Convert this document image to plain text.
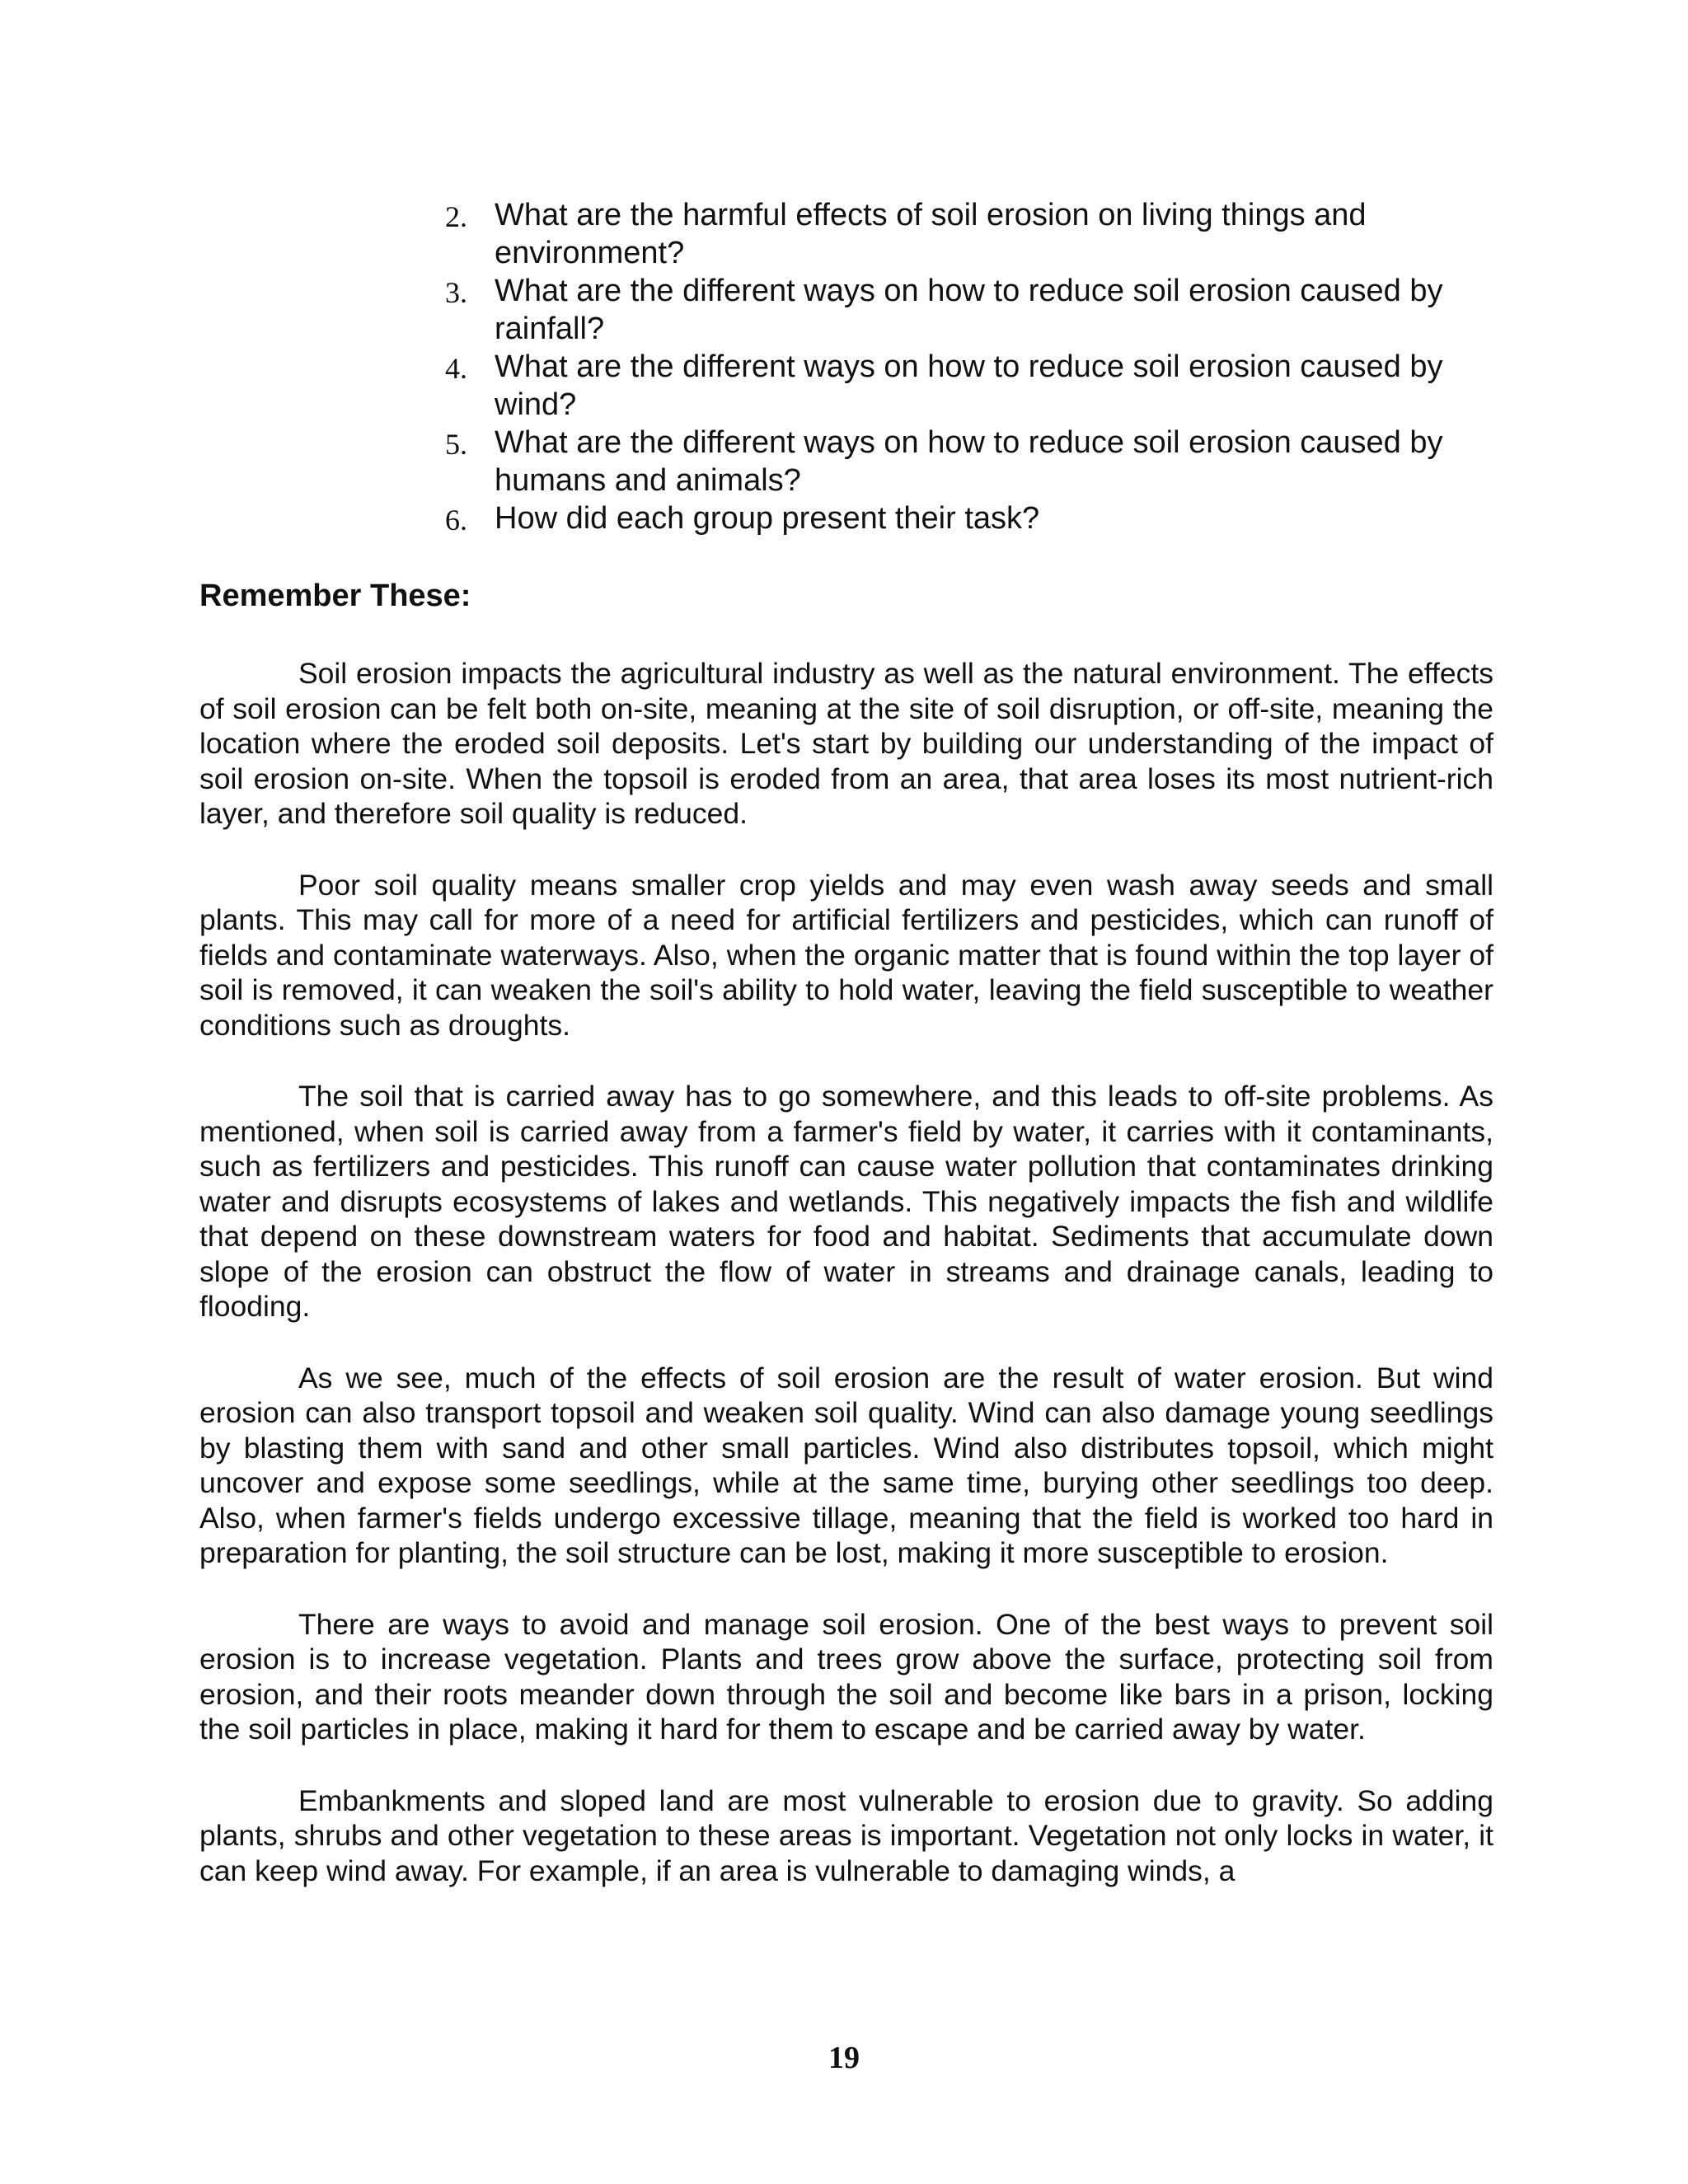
2. What are the harmful effects of soil erosion on living things and environment?
3. What are the different ways on how to reduce soil erosion caused by rainfall?
4. What are the different ways on how to reduce soil erosion caused by wind?
5. What are the different ways on how to reduce soil erosion caused by humans and animals?
6. How did each group present their task?
Remember These:

Soil erosion impacts the agricultural industry as well as the natural environment. The effects of soil erosion can be felt both on-site, meaning at the site of soil disruption, or off-site, meaning the location where the eroded soil deposits. Let's start by building our understanding of the impact of soil erosion on-site. When the topsoil is eroded from an area, that area loses its most nutrient-rich layer, and therefore soil quality is reduced.

Poor soil quality means smaller crop yields and may even wash away seeds and small plants. This may call for more of a need for artificial fertilizers and pesticides, which can runoff of fields and contaminate waterways. Also, when the organic matter that is found within the top layer of soil is removed, it can weaken the soil's ability to hold water, leaving the field susceptible to weather conditions such as droughts.

The soil that is carried away has to go somewhere, and this leads to off-site problems. As mentioned, when soil is carried away from a farmer's field by water, it carries with it contaminants, such as fertilizers and pesticides. This runoff can cause water pollution that contaminates drinking water and disrupts ecosystems of lakes and wetlands. This negatively impacts the fish and wildlife that depend on these downstream waters for food and habitat. Sediments that accumulate down slope of the erosion can obstruct the flow of water in streams and drainage canals, leading to flooding.

As we see, much of the effects of soil erosion are the result of water erosion. But wind erosion can also transport topsoil and weaken soil quality. Wind can also damage young seedlings by blasting them with sand and other small particles. Wind also distributes topsoil, which might uncover and expose some seedlings, while at the same time, burying other seedlings too deep. Also, when farmer's fields undergo excessive tillage, meaning that the field is worked too hard in preparation for planting, the soil structure can be lost, making it more susceptible to erosion.

There are ways to avoid and manage soil erosion. One of the best ways to prevent soil erosion is to increase vegetation. Plants and trees grow above the surface, protecting soil from erosion, and their roots meander down through the soil and become like bars in a prison, locking the soil particles in place, making it hard for them to escape and be carried away by water.

Embankments and sloped land are most vulnerable to erosion due to gravity. So adding plants, shrubs and other vegetation to these areas is important. Vegetation not only locks in water, it can keep wind away. For example, if an area is vulnerable to damaging winds, a

19
